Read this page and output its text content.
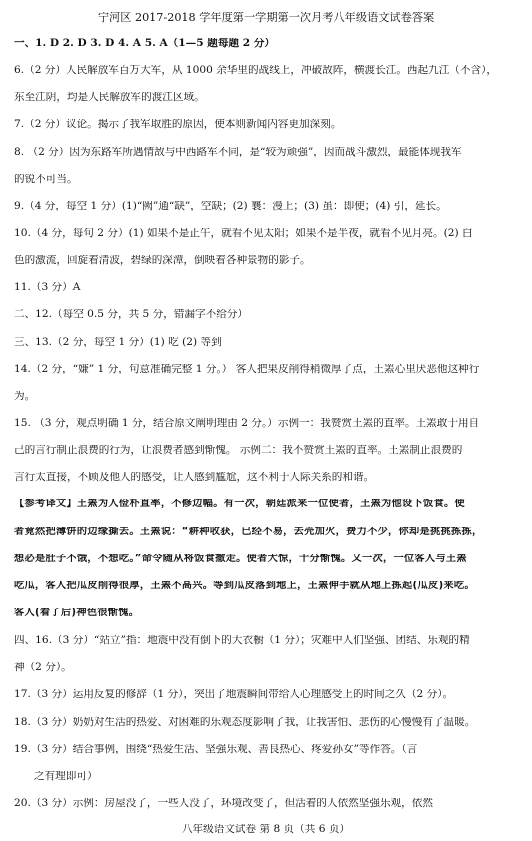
宁河区 2017-2018 学年度第一学期第一次月考八年级语文试卷答案
一、1. D 2. D 3. D 4. A 5. A（1—5 题每题 2 分）
6.（2 分）人民解放军百万大军，从 1000 余华里的战线上，冲破敌阵，横渡长江。西起九江（不含），
东至江阴，均是人民解放军的渡江区域。
7.（2 分）议论。揭示了我军取胜的原因，使本则新闻内容更加深刻。
8. （2 分）因为东路军所遇情敌与中西路军不同，是“较为顽强”，因而战斗激烈，最能体现我军
的锐不可当。
9.（4 分，每空 1 分）(1)“阙”通“缺”，空缺；(2) 襄：漫上；(3) 虽：即使；(4) 引，延长。
10.（4 分，每句 2 分）(1) 如果不是正午，就看不见太阳；如果不是半夜，就看不见月亮。(2) 白
色的激流，回旋着清波，碧绿的深潭，倒映着各种景物的影子。
11.（3 分）A
二、12.（每空 0.5 分，共 5 分，错漏字不给分）
三、13.（2 分，每空 1 分）(1) 吃 (2) 等到
14.（2 分，“嫌” 1 分，句意准确完整 1 分。） 客人把果皮削得稍微厚了点，王罴心里厌恶他这种行
为。
15. （3 分，观点明确 1 分，结合原文阐明理由 2 分。）示例一：我赞赏王罴的直率。王罴敢于用自
己的言行制止浪费的行为，让浪费者感到惭愧。 示例二：我不赞赏王罴的直率。王罴制止浪费的
言行太直接，不顾及他人的感受，让人感到尴尬，这不利于人际关系的和谐。
【参考译文】王罴为人俭朴直率，不修边幅。有一次，朝廷派来一位使者，王罴为他设下饭食。使
者竟然把薄饼的边缘撕去。王罴说：“耕种收获，已经不易，去壳加火，费力不少，你却是挑挑拣拣，
想必是肚子不饿，不想吃。”命令随从将饭食撤走。使者大惊，十分惭愧。又一次，一位客人与王罴
吃瓜，客人把瓜皮削得很厚，王罴不高兴。等到瓜皮落到地上，王罴伸手就从地上拣起(瓜皮)来吃。
客人(看了后)神色很惭愧。
四、16.（3 分）“站立”指：地震中没有倒下的大衣橱（1 分）；灾难中人们坚强、团结、乐观的精
神（2 分）。
17.（3 分）运用反复的修辞（1 分），突出了地震瞬间带给人心理感受上的时间之久（2 分）。
18.（3 分）奶奶对生活的热爱、对困难的乐观态度影响了我，让我害怕、悲伤的心慢慢有了温暖。
19.（3 分）结合事例，围绕“热爱生活、坚强乐观、善良热心、疼爱孙女”等作答。（言
之有理即可）
20.（3 分）示例：房屋没了，一些人没了，环境改变了，但活着的人依然坚强乐观，依然
八年级语文试卷 第 8 页（共 6 页）
